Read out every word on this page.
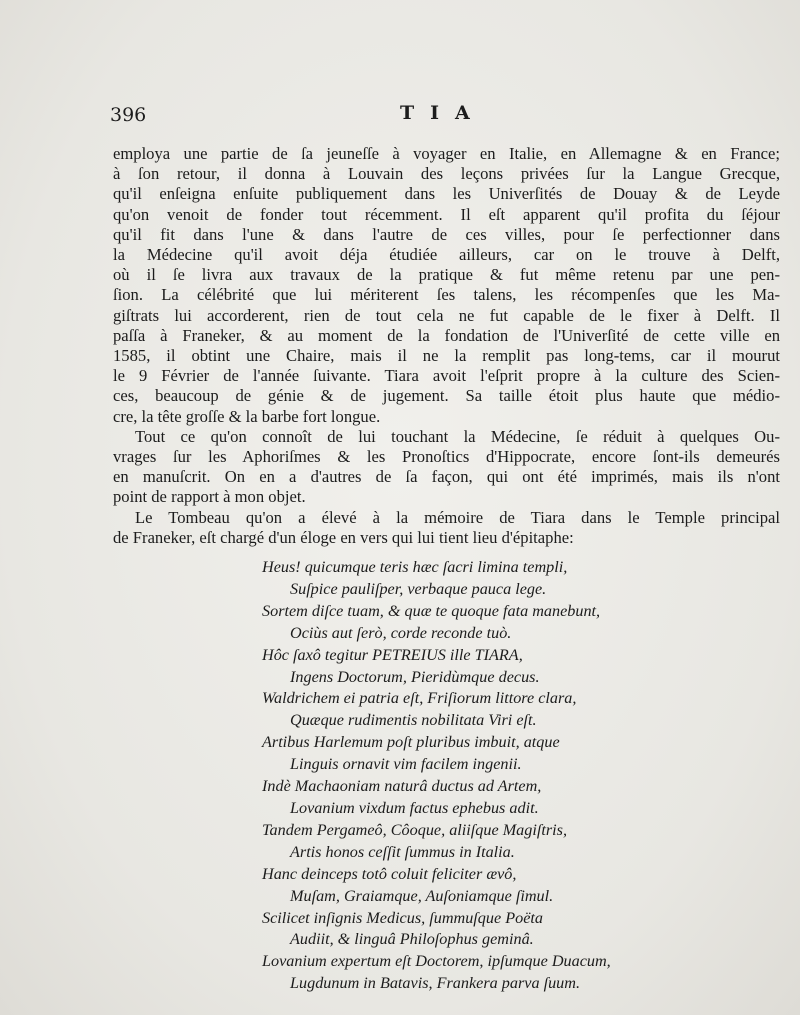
396	TIA
employa une partie de ſa jeuneſſe à voyager en Italie, en Allemagne & en France;
à ſon retour, il donna à Louvain des leçons privées ſur la Langue Grecque,
qu'il enſeigna enſuite publiquement dans les Univerſités de Douay & de Leyde
qu'on venoit de fonder tout récemment. Il eſt apparent qu'il profita du ſéjour
qu'il fit dans l'une & dans l'autre de ces villes, pour ſe perfectionner dans
la Médecine qu'il avoit déja étudiée ailleurs, car on le trouve à Delft,
où il ſe livra aux travaux de la pratique & fut même retenu par une pen-
ſion. La célébrité que lui mériterent ſes talens, les récompenſes que les Ma-
giſtrats lui accorderent, rien de tout cela ne fut capable de le fixer à Delft. Il
paſſa à Franeker, & au moment de la fondation de l'Univerſité de cette ville en
1585, il obtint une Chaire, mais il ne la remplit pas long-tems, car il mourut
le 9 Février de l'année ſuivante. Tiara avoit l'eſprit propre à la culture des Scien-
ces, beaucoup de génie & de jugement. Sa taille étoit plus haute que médio-
cre, la tête groſſe & la barbe fort longue.
Tout ce qu'on connoît de lui touchant la Médecine, ſe réduit à quelques Ou-
vrages ſur les Aphoriſmes & les Pronoſtics d'Hippocrate, encore ſont-ils demeurés
en manuſcrit. On en a d'autres de ſa façon, qui ont été imprimés, mais ils n'ont
point de rapport à mon objet.
Le Tombeau qu'on a élevé à la mémoire de Tiara dans le Temple principal
de Franeker, eſt chargé d'un éloge en vers qui lui tient lieu d'épitaphe:
Heus! quicumque teris hæc ſacri limina templi,
Suſpice pauliſper, verbaque pauca lege.
Sortem diſce tuam, & quæ te quoque fata manebunt,
Ociùs aut ſerò, corde reconde tuò.
Hôc ſaxô tegitur PETREIUS ille TIARA,
Ingens Doctorum, Pieridùmque decus.
Waldrichem ei patria eſt, Friſiorum littore clara,
Quæque rudimentis nobilitata Viri eſt.
Artibus Harlemum poſt pluribus imbuit, atque
Linguis ornavit vim facilem ingenii.
Indè Machaoniam naturâ ductus ad Artem,
Lovanium vixdum factus ephebus adit.
Tandem Pergameô, Côoque, aliiſque Magiſtris,
Artis honos ceſſit ſummus in Italia.
Hanc deinceps totô coluit feliciter ævô,
Muſam, Graiamque, Auſoniamque ſimul.
Scilicet inſignis Medicus, ſummuſque Poëta
Audiit, & linguâ Philoſophus geminâ.
Lovanium expertum eſt Doctorem, ipſumque Duacum,
Lugdunum in Batavis, Frankera parva ſuum.
